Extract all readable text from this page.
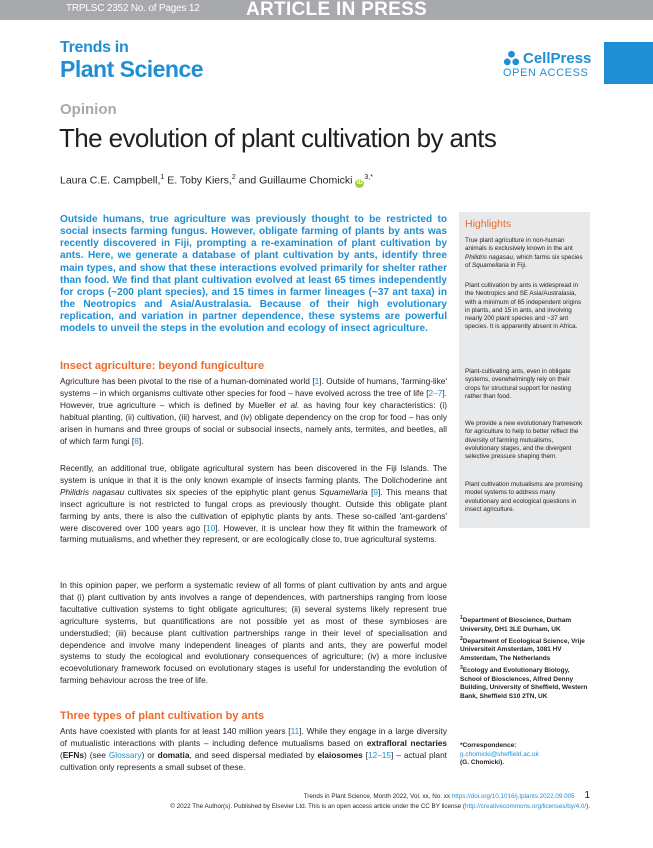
TRPLSC 2352 No. of Pages 12 ARTICLE IN PRESS
Trends in
Plant Science	CellPress
OPEN ACCESS
Opinion
The evolution of plant cultivation by ants
Laura C.E. Campbell,$^1$ E. Toby Kiers,$^2$ and Guillaume Chomicki $iD^{3,*}$

Outside humans, true agriculture was previously thought to be restricted to social insects farming fungus. However, obligate farming of plants by ants was recently discovered in Fiji, prompting a re-examination of plant cultivation by ants. Here, we generate a database of plant cultivation by ants, identify three main types, and show that these interactions evolved primarily for shelter rather than food. We find that plant cultivation evolved at least 65 times independently for crops (~200 plant species), and 15 times in farmer lineages (~37 ant taxa) in the Neotropics and Asia/Australasia. Because of their high evolutionary replication, and variation in partner dependence, these systems are powerful models to unveil the steps in the evolution and ecology of insect agriculture.

Insect agriculture: beyond fungiculture

Agriculture has been pivotal to the rise of a human-dominated world [1]. Outside of humans, 'farming-like' systems – in which organisms cultivate other species for food – have evolved across the tree of life [2–7]. However, true agriculture – which is defined by Mueller et al. as having four key characteristics: (i) habitual planting, (ii) cultivation, (iii) harvest, and (iv) obligate dependency on the crop for food – has only arisen in humans and three groups of social or subsocial insects, namely ants, termites, and beetles, all of which farm fungi [8].

Recently, an additional true, obligate agricultural system has been discovered in the Fiji Islands. The system is unique in that it is the only known example of insects farming plants. The Dolichoderine ant Philidris nagasau cultivates six species of the epiphytic plant genus Squamellaria [9]. This means that insect agriculture is not restricted to fungal crops as previously thought. Outside this obligate plant farming by ants, there is also the cultivation of epiphytic plants by ants. These so-called 'ant-gardens' were discovered over 100 years ago [10]. However, it is unclear how they fit within the framework of farming mutualisms, and whether they represent, or are ecologically close to, true agricultural systems.

In this opinion paper, we perform a systematic review of all forms of plant cultivation by ants and argue that (i) plant cultivation by ants involves a range of dependences, with partnerships ranging from loose facultative cultivation systems to tight obligate agricultures; (ii) several systems likely represent true agriculture systems, but quantifications are not possible yet as most of these symbioses are understudied; (iii) because plant cultivation partnerships range in their level of specialisation and dependence and involve many independent lineages of plants and ants, they are powerful model systems to study the ecological and evolutionary consequences of agriculture; (iv) a more inclusive ecoevolutionary framework focused on evolutionary stages is useful for understanding the evolution of farming behaviour across the tree of life.

Three types of plant cultivation by ants

Ants have coexisted with plants for at least 140 million years [11]. While they engage in a large diversity of mutualistic interactions with plants – including defence mutualisms based on extrafloral nectaries (EFNs) (see Glossary) or domatia, and seed dispersal mediated by elaiosomes [12–15] – actual plant cultivation only represents a small subset of these.

Highlights

True plant agriculture in non-human animals is exclusively known in the ant Philidris nagasau, which farms six species of Squamellaria in Fiji.

Plant cultivation by ants is widespread in the Neotropics and SE Asia/Australasia, with a minimum of 65 independent origins in plants, and 15 in ants, and involving nearly 200 plant species and ~37 ant species. It is apparently absent in Africa.

Plant-cultivating ants, even in obligate systems, overwhelmingly rely on their crops for structural support for nesting rather than food.

We provide a new evolutionary framework for agriculture to help to better reflect the diversity of farming mutualisms, evolutionary stages, and the divergent selective pressure shaping them.

Plant cultivation mutualisms are promising model systems to address many evolutionary and ecological questions in insect agriculture.

$^1$Department of Bioscience, Durham University, DH1 3LE Durham, UK
$^2$Department of Ecological Science, Vrije Universiteit Amsterdam, 1081 HV Amsterdam, The Netherlands
$^3$Ecology and Evolutionary Biology, School of Biosciences, Alfred Denny Building, University of Sheffield, Western Bank, Sheffield S10 2TN, UK
*Correspondence:
g.chomicki@sheffield.ac.uk
(G. Chomicki).
Trends in Plant Science, Month 2022, Vol. xx, No. xx https://doi.org/10.1016/j.tplants.2022.09.005 1
© 2022 The Author(s). Published by Elsevier Ltd. This is an open access article under the CC BY license (http://creativecommons.org/licenses/by/4.0/).
